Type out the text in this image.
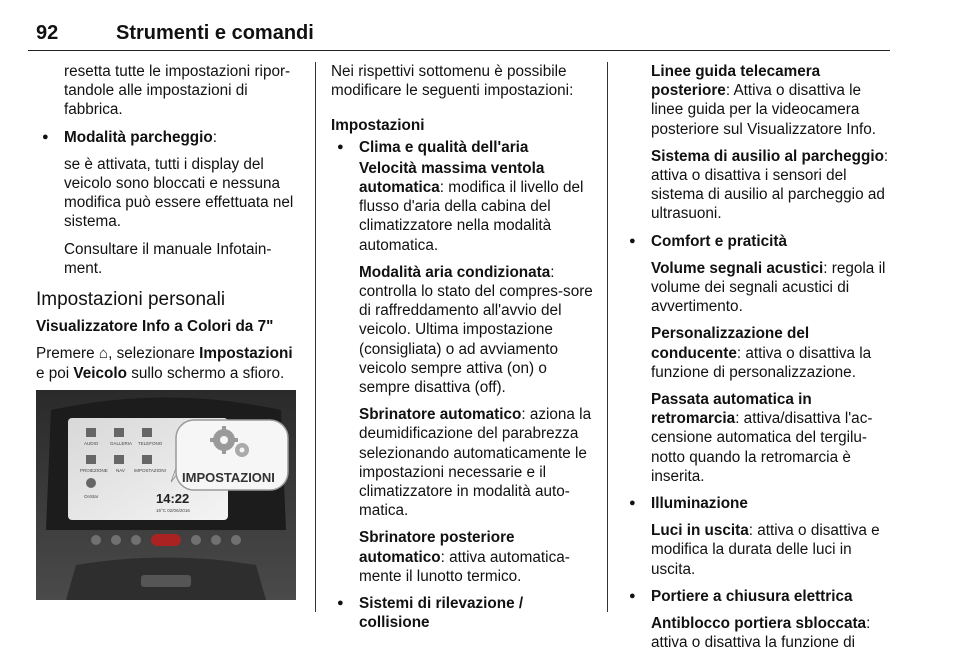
92	Strumenti e comandi

resetta tutte le impostazioni ripor-tandole alle impostazioni di fabbrica.

● Modalità parcheggio:

se è attivata, tutti i display del veicolo sono bloccati e nessuna modifica può essere effettuata nel sistema.

Consultare il manuale Infotain-ment.

Impostazioni personali
Visualizzatore Info a Colori da 7"

Premere ⌂, selezionare Impostazioni e poi Veicolo sullo schermo a sfioro.

AUDIO	GALLERIA TELEFONO
PROIEZIONE NAV IMPOSTAZIONI
OnStar	14:22
16°C 02/06/2016
IMPOSTAZIONI

Nei rispettivi sottomenu è possibile modificare le seguenti impostazioni:

Impostazioni
● Clima e qualità dell'aria

Velocità massima ventola automatica: modifica il livello del flusso d'aria della cabina del climatizzatore nella modalità automatica.

Modalità aria condizionata: controlla lo stato del compres-sore di raffreddamento all'avvio del veicolo. Ultima impostazione (consigliata) o ad avviamento veicolo sempre attiva (on) o sempre disattiva (off).

Sbrinatore automatico: aziona la deumidificazione del parabrezza selezionando automaticamente le impostazioni necessarie e il climatizzatore in modalità auto-matica.

Sbrinatore posteriore automatico: attiva automatica-mente il lunotto termico.

● Sistemi di rilevazione / collisione

Linee guida telecamera posteriore: Attiva o disattiva le linee guida per la videocamera posteriore sul Visualizzatore Info.

Sistema di ausilio al parcheggio: attiva o disattiva i sensori del sistema di ausilio al parcheggio ad ultrasuoni.

● Comfort e praticità

Volume segnali acustici: regola il volume dei segnali acustici di avvertimento.

Personalizzazione del conducente: attiva o disattiva la funzione di personalizzazione.

Passata automatica in retromarcia: attiva/disattiva l'ac-censione automatica del tergilu-notto quando la retromarcia è inserita.

● Illuminazione

Luci in uscita: attiva o disattiva e modifica la durata delle luci in uscita.

● Portiere a chiusura elettrica

Antiblocco portiera sbloccata: attiva o disattiva la funzione di
